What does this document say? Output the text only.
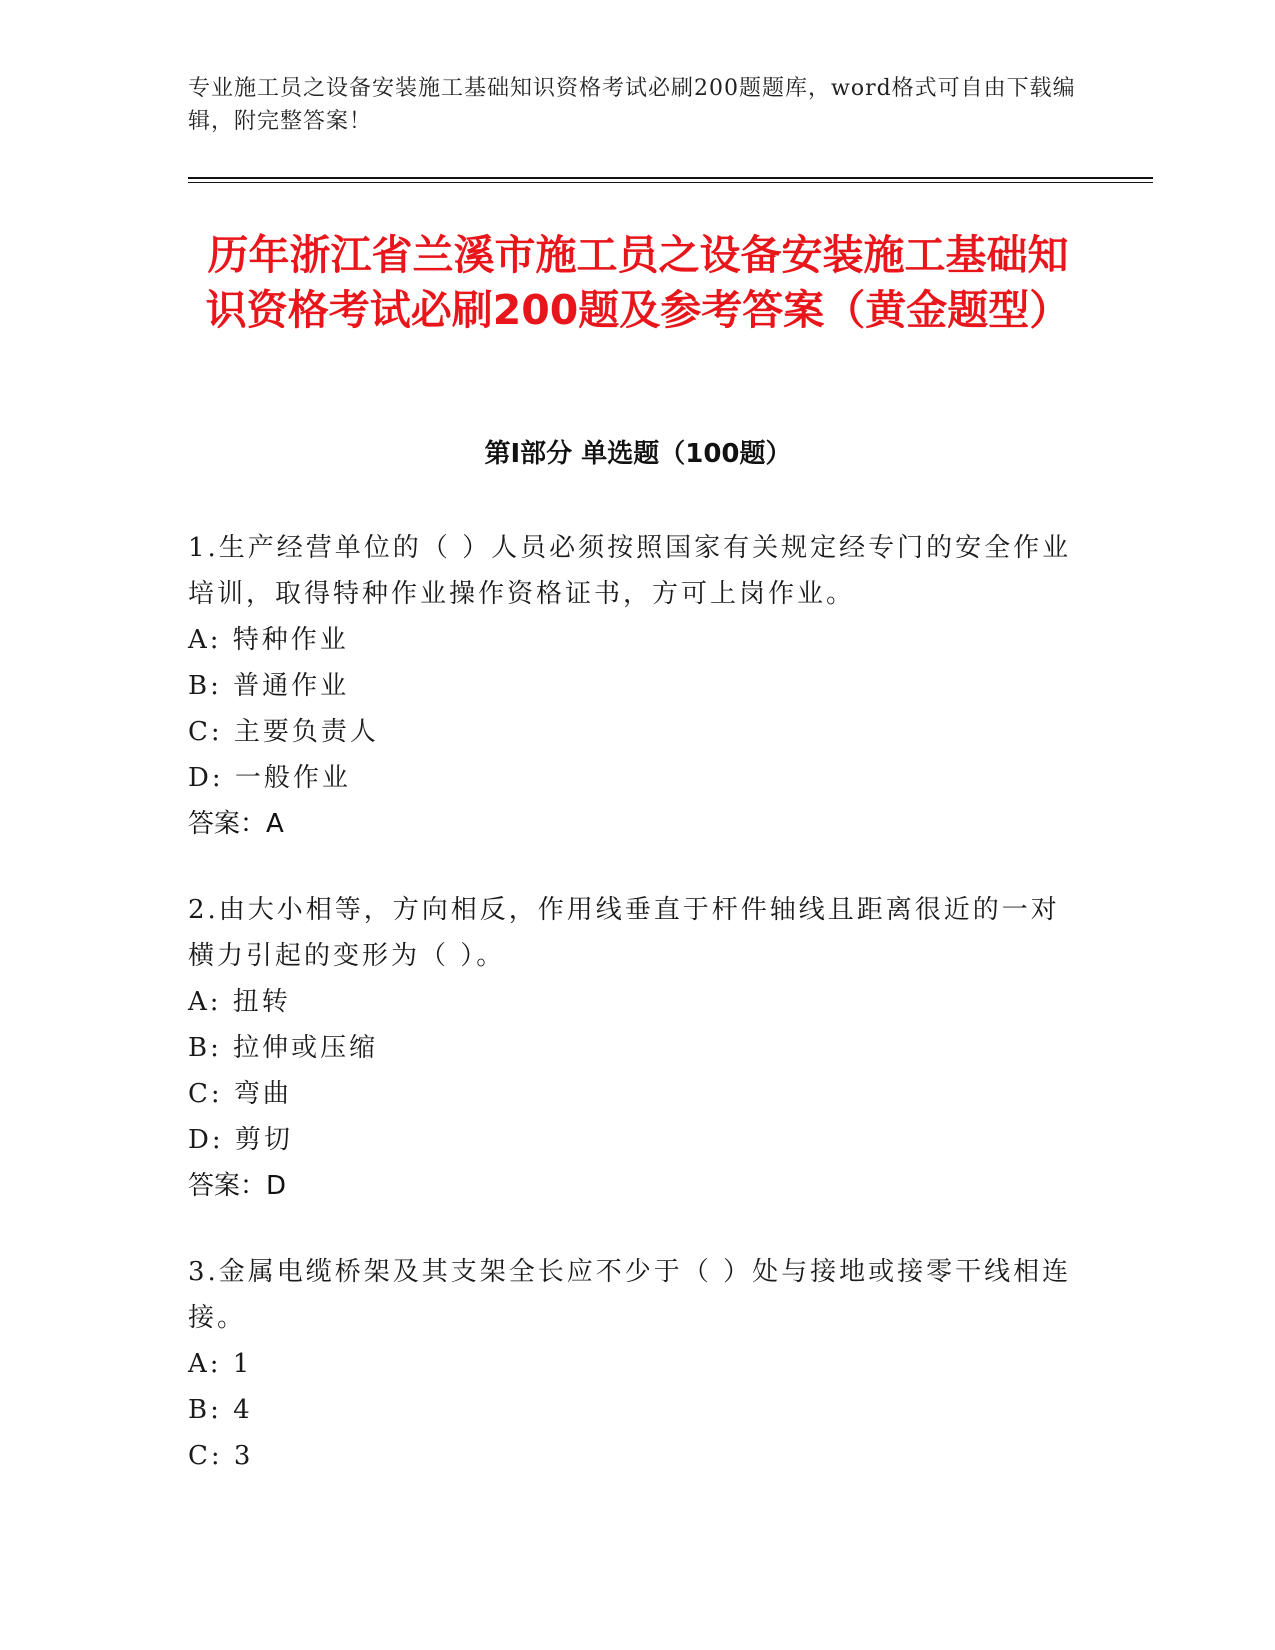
专业施工员之设备安装施工基础知识资格考试必刷200题题库，word格式可自由下载编辑，附完整答案！
历年浙江省兰溪市施工员之设备安装施工基础知识资格考试必刷200题及参考答案（黄金题型）
第I部分 单选题（100题）

1.生产经营单位的（ ）人员必须按照国家有关规定经专门的安全作业培训，取得特种作业操作资格证书，方可上岗作业。

A: 特种作业

B: 普通作业

C: 主要负责人

D: 一般作业

答案：A

2.由大小相等，方向相反，作用线垂直于杆件轴线且距离很近的一对横力引起的变形为（ ）。

A: 扭转

B: 拉伸或压缩

C: 弯曲

D: 剪切

答案：D

3.金属电缆桥架及其支架全长应不少于（ ）处与接地或接零干线相连接。

A: 1

B: 4

C: 3
